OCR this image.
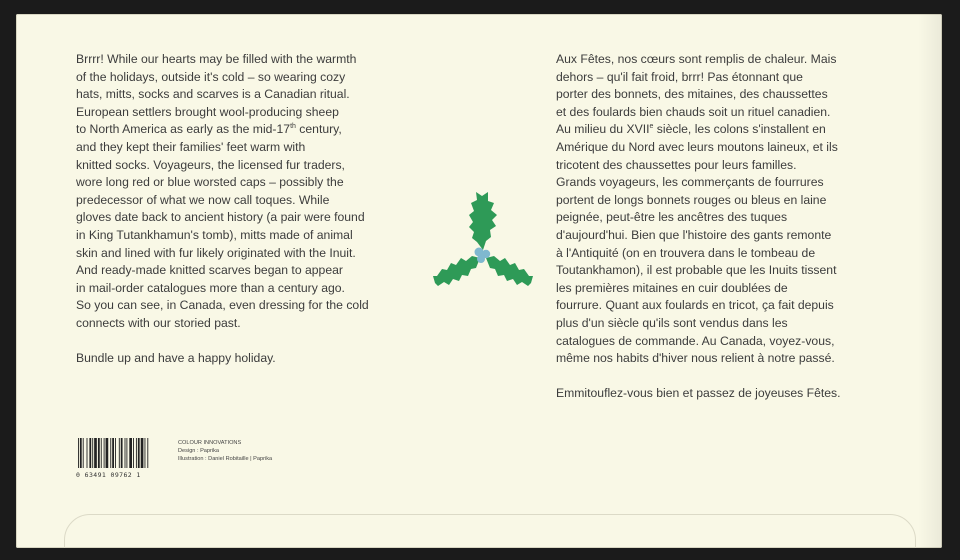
Brrrr! While our hearts may be filled with the warmth
of the holidays, outside it's cold – so wearing cozy
hats, mitts, socks and scarves is a Canadian ritual.
European settlers brought wool-producing sheep
to North America as early as the mid-17th century,
and they kept their families' feet warm with
knitted socks. Voyageurs, the licensed fur traders,
wore long red or blue worsted caps – possibly the
predecessor of what we now call toques. While
gloves date back to ancient history (a pair were found
in King Tutankhamun's tomb), mitts made of animal
skin and lined with fur likely originated with the Inuit.
And ready-made knitted scarves began to appear
in mail-order catalogues more than a century ago.
So you can see, in Canada, even dressing for the cold
connects with our storied past.
Bundle up and have a happy holiday.
Aux Fêtes, nos cœurs sont remplis de chaleur. Mais
dehors – qu'il fait froid, brrr! Pas étonnant que
porter des bonnets, des mitaines, des chaussettes
et des foulards bien chauds soit un rituel canadien.
Au milieu du XVIIe siècle, les colons s'installent en
Amérique du Nord avec leurs moutons laineux, et ils
tricotent des chaussettes pour leurs familles.
Grands voyageurs, les commerçants de fourrures
portent de longs bonnets rouges ou bleus en laine
peignée, peut-être les ancêtres des tuques
d'aujourd'hui. Bien que l'histoire des gants remonte
à l'Antiquité (on en trouvera dans le tombeau de
Toutankhamon), il est probable que les Inuits tissent
les premières mitaines en cuir doublées de
fourrure. Quant aux foulards en tricot, ça fait depuis
plus d'un siècle qu'ils sont vendus dans les
catalogues de commande. Au Canada, voyez-vous,
même nos habits d'hiver nous relient à notre passé.
Emmitouflez-vous bien et passez de joyeuses Fêtes.
0 63491 09762 1
COLOUR INNOVATIONS
Design : Paprika
Illustration : Daniel Robitaille | Paprika
